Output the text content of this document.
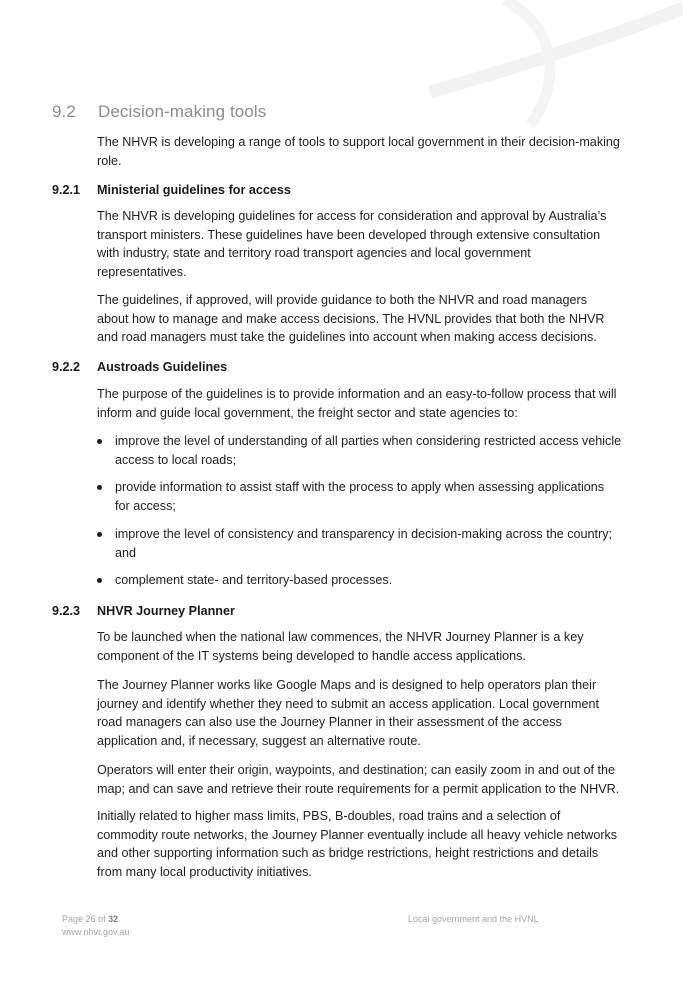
9.2 Decision-making tools
The NHVR is developing a range of tools to support local government in their decision-making role.
9.2.1 Ministerial guidelines for access
The NHVR is developing guidelines for access for consideration and approval by Australia’s transport ministers. These guidelines have been developed through extensive consultation with industry, state and territory road transport agencies and local government representatives.
The guidelines, if approved, will provide guidance to both the NHVR and road managers about how to manage and make access decisions. The HVNL provides that both the NHVR and road managers must take the guidelines into account when making access decisions.
9.2.2 Austroads Guidelines
The purpose of the guidelines is to provide information and an easy-to-follow process that will inform and guide local government, the freight sector and state agencies to:
improve the level of understanding of all parties when considering restricted access vehicle access to local roads;
provide information to assist staff with the process to apply when assessing applications for access;
improve the level of consistency and transparency in decision-making across the country; and
complement state- and territory-based processes.
9.2.3 NHVR Journey Planner
To be launched when the national law commences, the NHVR Journey Planner is a key component of the IT systems being developed to handle access applications.
The Journey Planner works like Google Maps and is designed to help operators plan their journey and identify whether they need to submit an access application. Local government road managers can also use the Journey Planner in their assessment of the access application and, if necessary, suggest an alternative route.
Operators will enter their origin, waypoints, and destination; can easily zoom in and out of the map; and can save and retrieve their route requirements for a permit application to the NHVR.
Initially related to higher mass limits, PBS, B-doubles, road trains and a selection of commodity route networks, the Journey Planner eventually include all heavy vehicle networks and other supporting information such as bridge restrictions, height restrictions and details from many local productivity initiatives.
Page 26 of 32
www.nhvr.gov.au
Local government and the HVNL
